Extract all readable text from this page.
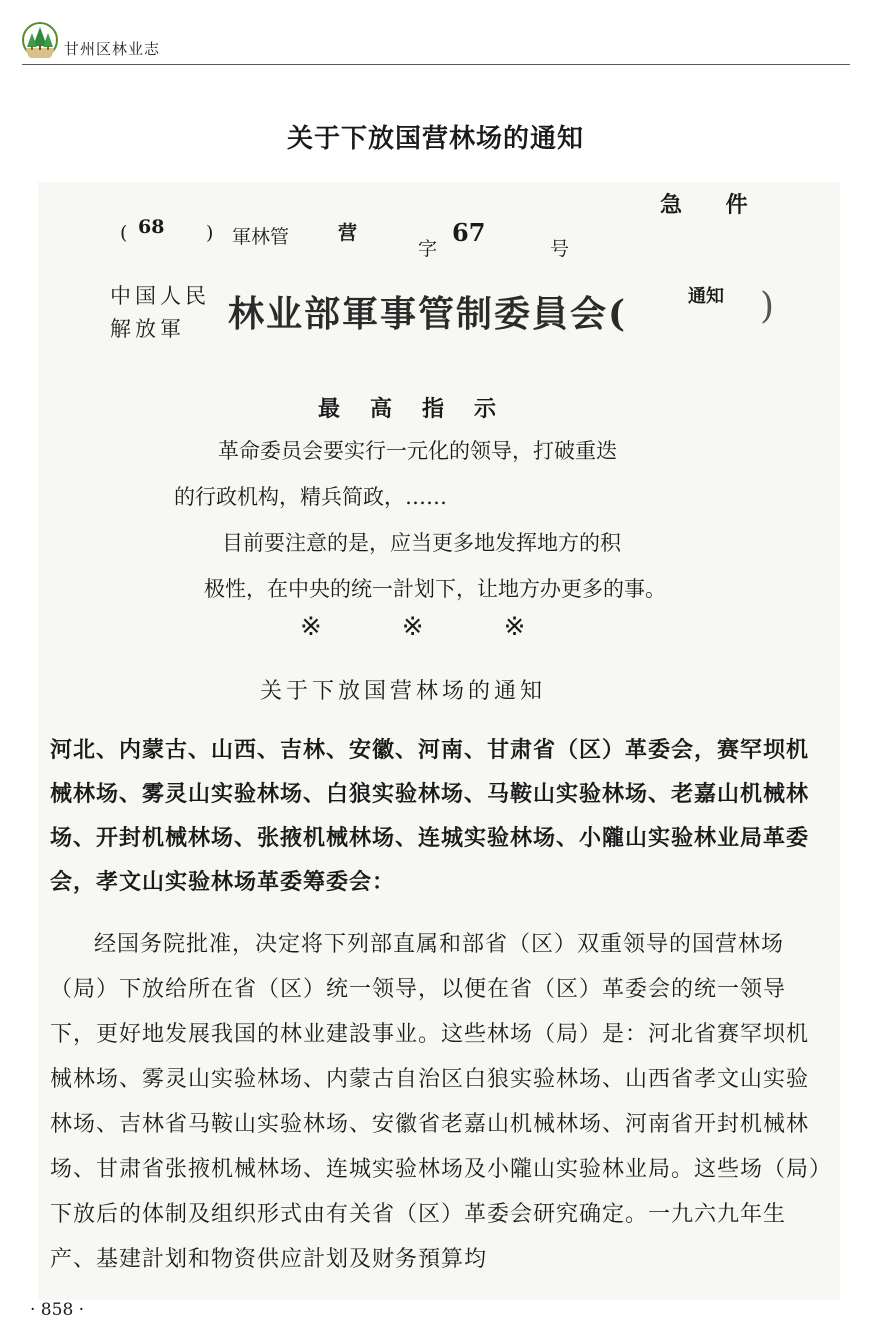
甘州区林业志
关于下放国营林场的通知
急 件
( 68 ) 軍林管	营
字
67
号
中国人民 解放軍	林业部軍事管制委員会(	通知 )
最高指示
革命委员会要实行一元化的领导，打破重迭
的行政机构，精兵简政，……
目前要注意的是，应当更多地发挥地方的积
极性，在中央的统一計划下，让地方办更多的事。
※※※
关于下放国营林场的通知
河北、内蒙古、山西、吉林、安徽、河南、甘肃省（区）革委会，赛罕坝机械林场、雾灵山实验林场、白狼实验林场、马鞍山实验林场、老嘉山机械林场、开封机械林场、张掖机械林场、连城实验林场、小隴山实验林业局革委会，孝文山实验林场革委筹委会：
经国务院批准，决定将下列部直属和部省（区）双重领导的国营林场（局）下放给所在省（区）统一领导，以便在省（区）革委会的统一领导下，更好地发展我国的林业建設事业。这些林场（局）是：河北省赛罕坝机械林场、雾灵山实验林场、内蒙古自治区白狼实验林场、山西省孝文山实验林场、吉林省马鞍山实验林场、安徽省老嘉山机械林场、河南省开封机械林场、甘肃省张掖机械林场、连城实验林场及小隴山实验林业局。这些场（局）下放后的体制及组织形式由有关省（区）革委会研究确定。一九六九年生产、基建計划和物资供应計划及财务預算均
· 858 ·
